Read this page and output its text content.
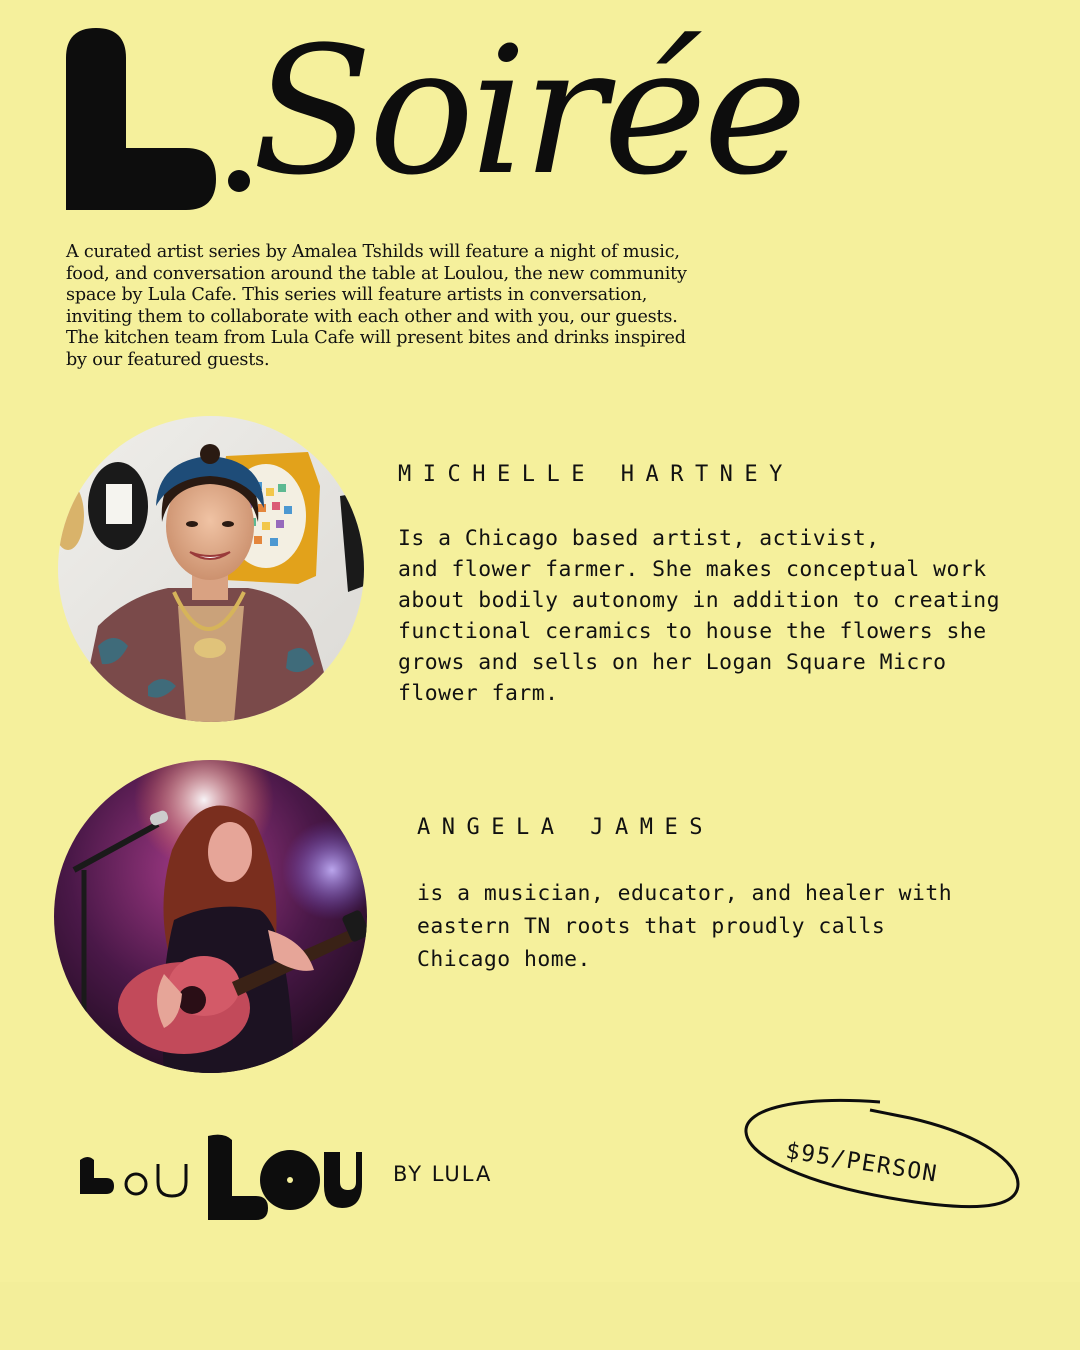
Soirée
A curated artist series by Amalea Tshilds will feature a night of music, food, and conversation around the table at Loulou, the new community space by Lula Cafe. This series will feature artists in conversation, inviting them to collaborate with each other and with you, our guests. The kitchen team from Lula Cafe will present bites and drinks inspired by our featured guests.
MICHELLE HARTNEY
Is a Chicago based artist, activist,
and flower farmer. She makes conceptual work
about bodily autonomy in addition to creating
functional ceramics to house the flowers she
grows and sells on her Logan Square Micro
flower farm.
ANGELA JAMES
is a musician, educator, and healer with
eastern TN roots that proudly calls
Chicago home.
BY LULA	$95/PERSON
